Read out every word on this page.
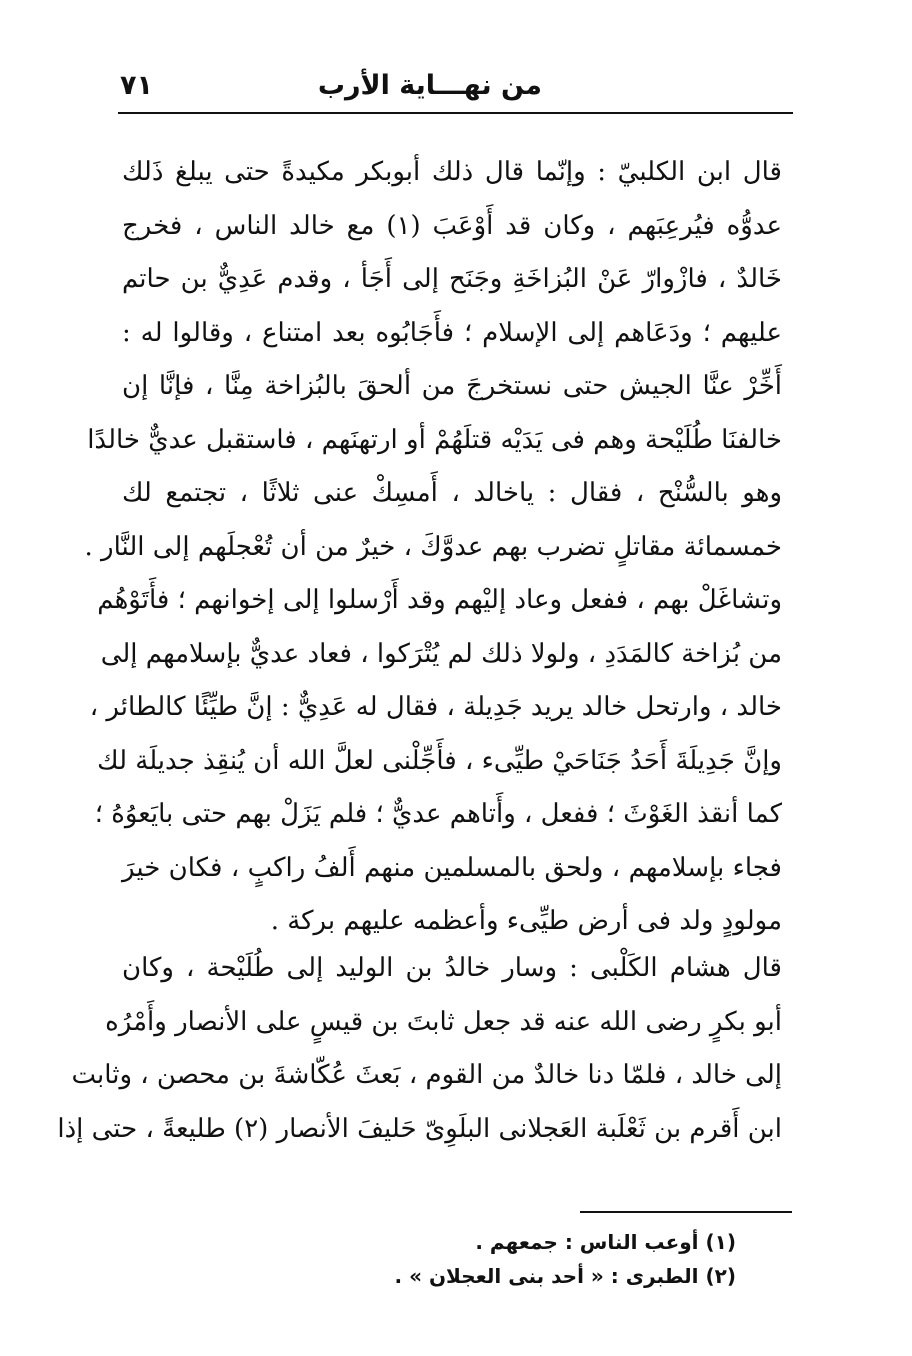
٧١	من نهـــاية الأرب
قال ابن الكلبيّ : وإنّما قال ذلك أبوبكر مكيدةً حتى يبلغ ذَلك
عدوُّه فيُرعِبَهم ، وكان قد أَوْعَبَ (١) مع خالد الناس ، فخرج
خَالدٌ ، فازْوارّ عَنْ البُزاخَةِ وجَنَح إلى أَجَأ ، وقدم عَدِيٌّ بن حاتم
عليهم ؛ ودَعَاهم إلى الإسلام ؛ فأَجَابُوه بعد امتناع ، وقالوا له :
أَخِّرْ عنَّا الجيش حتى نستخرجَ من ألحقَ بالبُزاخة مِنَّا ، فإنَّا إن
خالفنَا طُلَيْحة وهم فى يَدَيْه قتلَهُمْ أو ارتهنَهم ، فاستقبل عديٌّ خالدًا
وهو بالسُّنْح ، فقال : ياخالد ، أَمسِكْ عنى ثلاثًا ، تجتمع لك
خمسمائة مقاتلٍ تضرب بهم عدوَّكَ ، خيرٌ من أن تُعْجلَهم إلى النَّار .
وتشاغَلْ بهم ، ففعل وعاد إليْهم وقد أَرْسلوا إلى إخوانهم ؛ فأَتَوْهُم
من بُزاخة كالمَدَدِ ، ولولا ذلك لم يُتْرَكوا ، فعاد عديٌّ بإسلامهم إلى
خالد ، وارتحل خالد يريد جَدِيلة ، فقال له عَدِيٌّ : إنَّ طيِّئًا كالطائر ،
وإنَّ جَدِيلَةَ أَحَدُ جَنَاحَيْ طيِّىء ، فأَجِّلْنى لعلَّ الله أن يُنقِذ جديلَة لك
كما أنقذ الغَوْثَ ؛ ففعل ، وأَتاهم عديٌّ ؛ فلم يَزَلْ بهم حتى بايَعوُهُ ؛
فجاء بإسلامهم ، ولحق بالمسلمين منهم أَلفُ راكبٍ ، فكان خيرَ
مولودٍ ولد فى أرض طيِّىء وأعظمه عليهم بركة .
قال هشام الكَلْبى : وسار خالدُ بن الوليد إلى طُلَيْحة ، وكان
أبو بكرٍ رضى الله عنه قد جعل ثابتَ بن قيسٍ على الأنصار وأَمْرُه
إلى خالد ، فلمّا دنا خالدٌ من القوم ، بَعثَ عُكّاشةَ بن محصن ، وثابت
ابن أَقرم بن ثَعْلَبة العَجلانى البلَوِىّ حَليفَ الأنصار (٢) طليعةً ، حتى إذا
(١) أوعب الناس : جمعهم .
(٢) الطبرى : « أحد بنى العجلان » .
